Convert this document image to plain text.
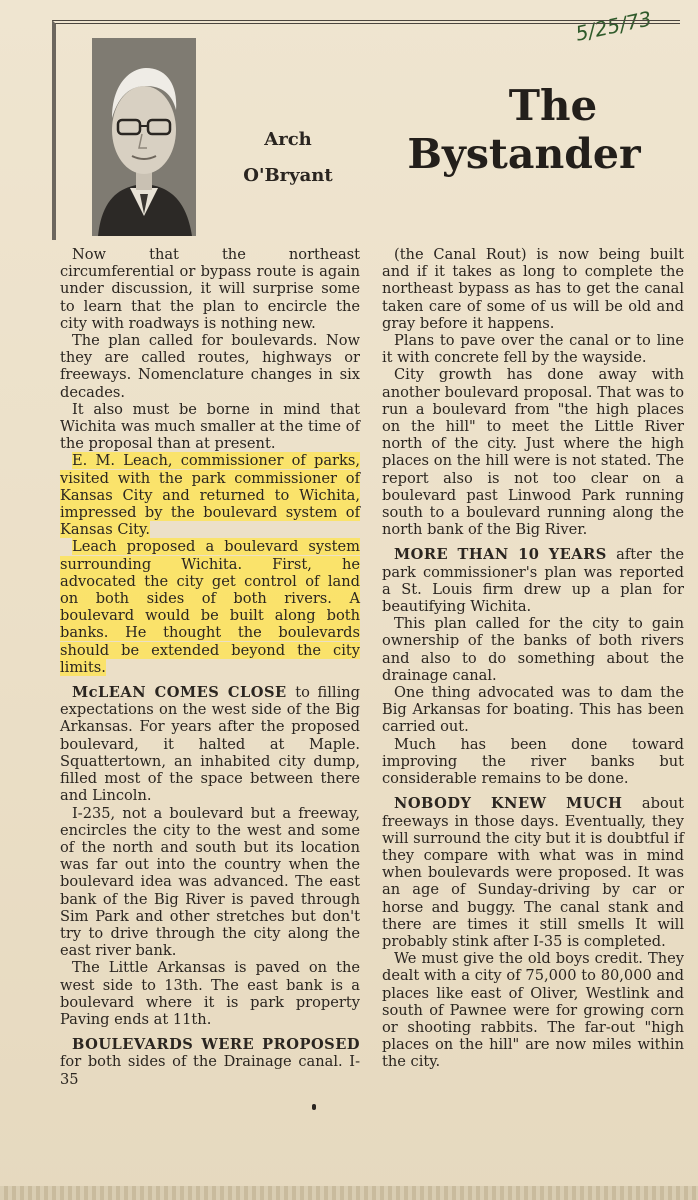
5/25/73
Arch
O'Bryant
The
Bystander

Now that the northeast circumferential or bypass route is again under discussion, it will surprise some to learn that the plan to encircle the city with roadways is nothing new.

The plan called for boulevards. Now they are called routes, highways or freeways. Nomenclature changes in six decades.

It also must be borne in mind that Wichita was much smaller at the time of the proposal than at present.

E. M. Leach, commissioner of parks, visited with the park commissioner of Kansas City and returned to Wichita, impressed by the boulevard system of Kansas City.

Leach proposed a boulevard system surrounding Wichita. First, he advocated the city get control of land on both sides of both rivers. A boulevard would be built along both banks. He thought the boulevards should be extended beyond the city limits.

McLEAN COMES CLOSE to filling expectations on the west side of the Big Arkansas. For years after the proposed boulevard, it halted at Maple. Squattertown, an inhabited city dump, filled most of the space between there and Lincoln.

I-235, not a boulevard but a freeway, encircles the city to the west and some of the north and south but its location was far out into the country when the boulevard idea was advanced. The east bank of the Big River is paved through Sim Park and other stretches but don't try to drive through the city along the east river bank.

The Little Arkansas is paved on the west side to 13th. The east bank is a boulevard where it is park property Paving ends at 11th.

BOULEVARDS WERE PROPOSED for both sides of the Drainage canal. I-35

(the Canal Rout) is now being built and if it takes as long to complete the northeast bypass as has to get the canal taken care of some of us will be old and gray before it happens.

Plans to pave over the canal or to line it with concrete fell by the wayside.

City growth has done away with another boulevard proposal. That was to run a boulevard from "the high places on the hill" to meet the Little River north of the city. Just where the high places on the hill were is not stated. The report also is not too clear on a boulevard past Linwood Park running south to a boulevard running along the north bank of the Big River.

MORE THAN 10 YEARS after the park commissioner's plan was reported a St. Louis firm drew up a plan for beautifying Wichita.

This plan called for the city to gain ownership of the banks of both rivers and also to do something about the drainage canal.

One thing advocated was to dam the Big Arkansas for boating. This has been carried out.

Much has been done toward improving the river banks but considerable remains to be done.

NOBODY KNEW MUCH about freeways in those days. Eventually, they will surround the city but it is doubtful if they compare with what was in mind when boulevards were proposed. It was an age of Sunday-driving by car or horse and buggy. The canal stank and there are times it still smells It will probably stink after I-35 is completed.

We must give the old boys credit. They dealt with a city of 75,000 to 80,000 and places like east of Oliver, Westlink and south of Pawnee were for growing corn or shooting rabbits. The far-out "high places on the hill" are now miles within the city.
